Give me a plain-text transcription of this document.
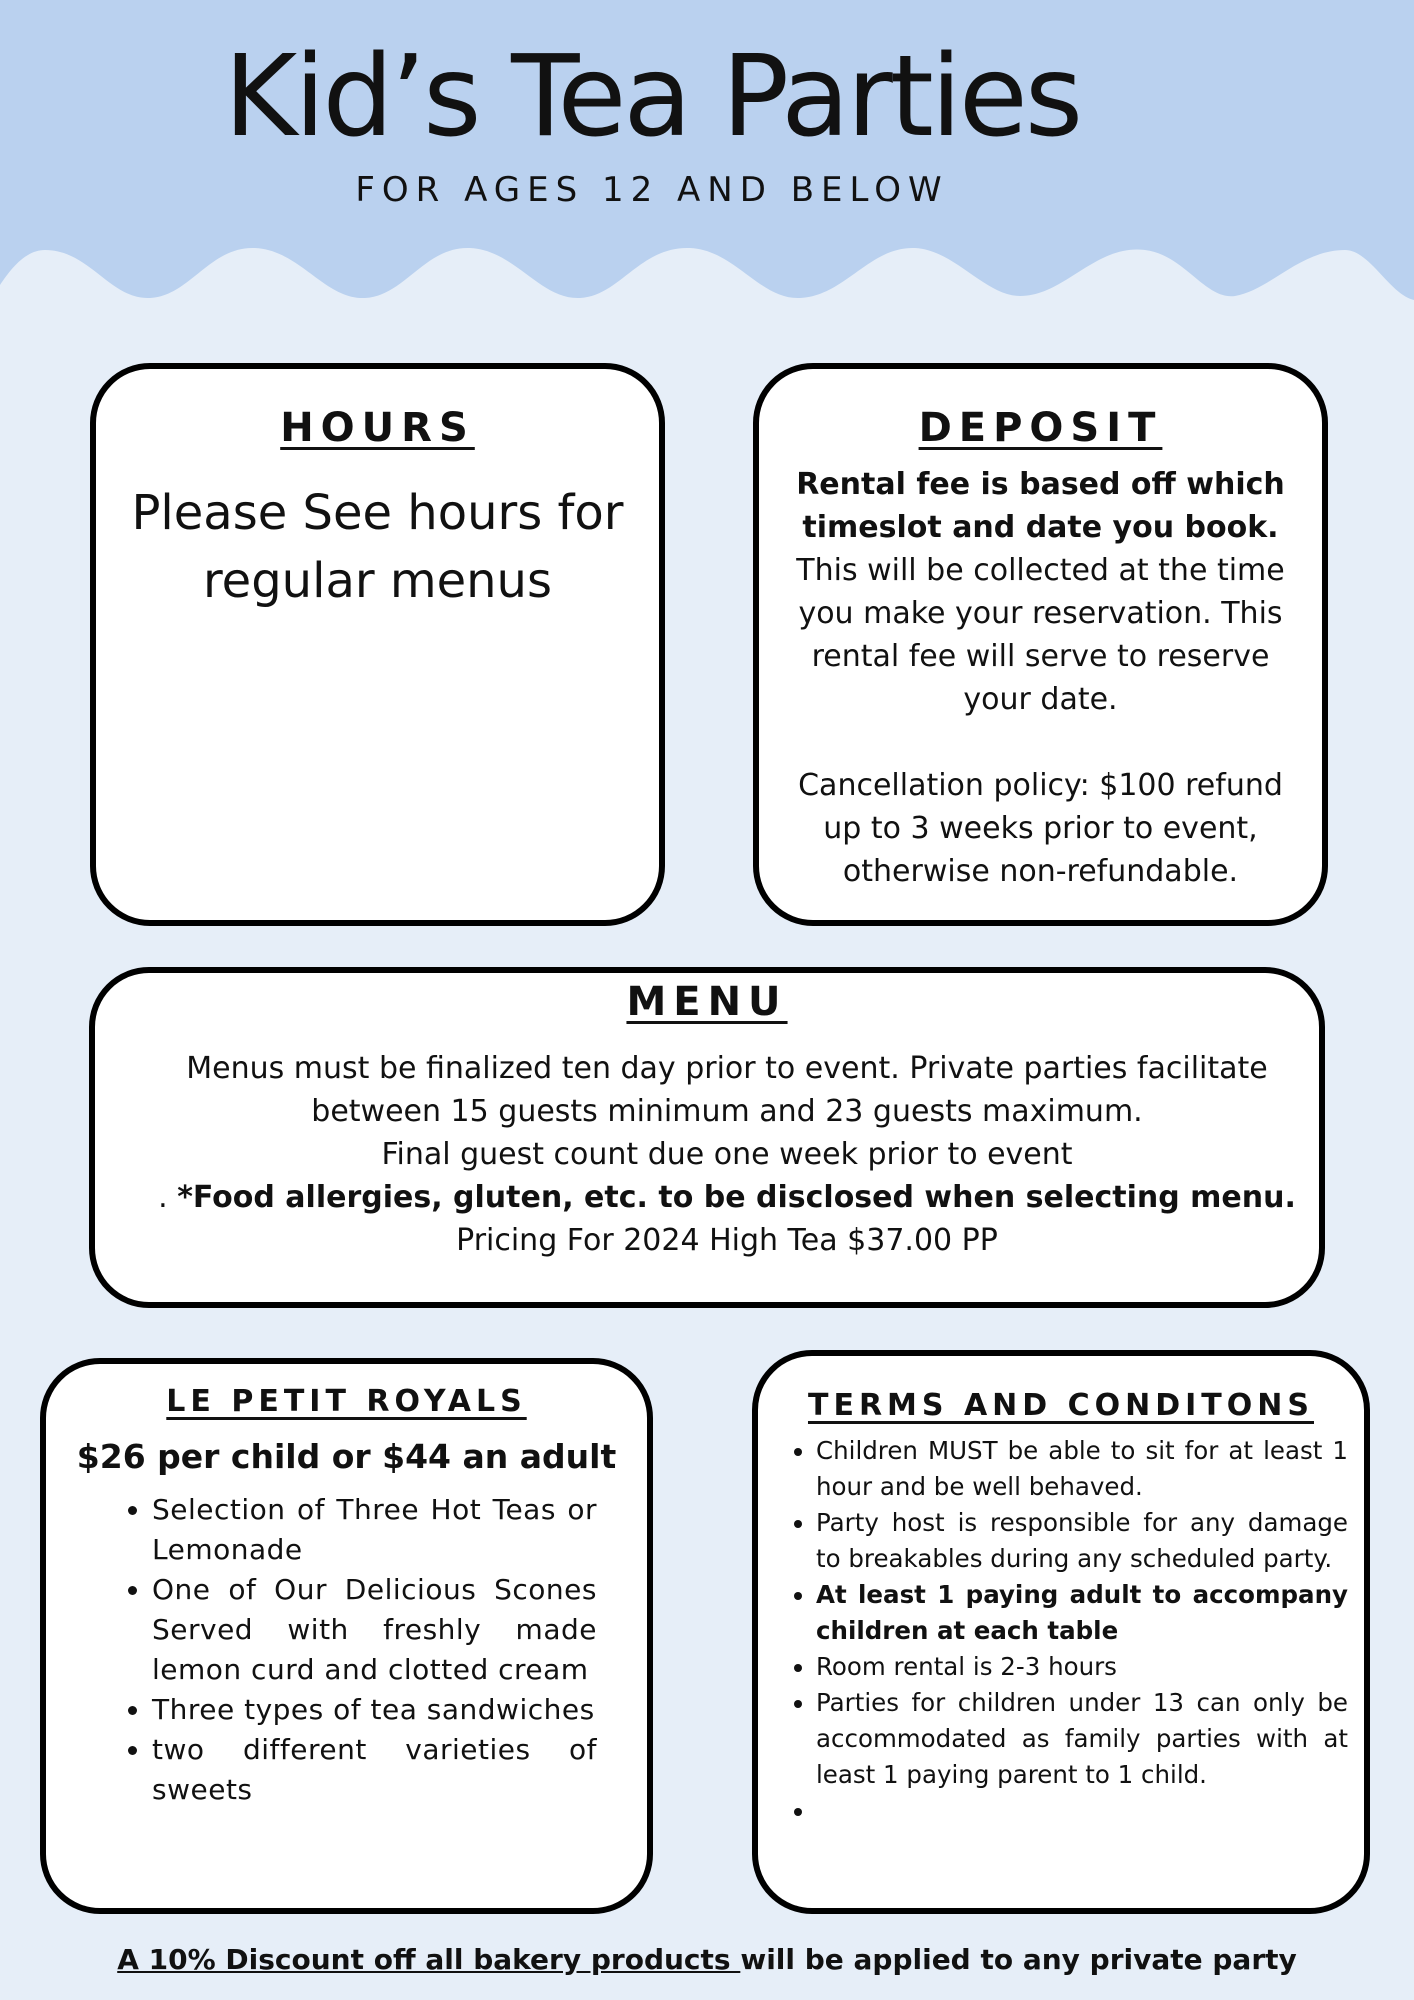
Kid’s Tea Parties
FOR AGES 12 AND BELOW
HOURS
Please See hours for regular menus
DEPOSIT
Rental fee is based off which timeslot and date you book.
This will be collected at the time you make your reservation. This rental fee will serve to reserve your date.
Cancellation policy: $100 refund up to 3 weeks prior to event, otherwise non-refundable.
MENU
Menus must be finalized ten day prior to event. Private parties facilitate
between 15 guests minimum and 23 guests maximum.
Final guest count due one week prior to event
. *Food allergies, gluten, etc. to be disclosed when selecting menu.
Pricing For 2024 High Tea $37.00 PP
LE PETIT ROYALS
$26 per child or $44 an adult
• Selection of Three Hot Teas or Lemonade
• One of Our Delicious Scones Served with freshly made lemon curd and clotted cream
• Three types of tea sandwiches
• two different varieties of sweets
TERMS AND CONDITONS
• Children MUST be able to sit for at least 1 hour and be well behaved.
• Party host is responsible for any damage to breakables during any scheduled party.
• At least 1 paying adult to accompany children at each table
• Room rental is 2-3 hours
• Parties for children under 13 can only be accommodated as family parties with at least 1 paying parent to 1 child.
•
A 10% Discount off all bakery products will be applied to any private party
